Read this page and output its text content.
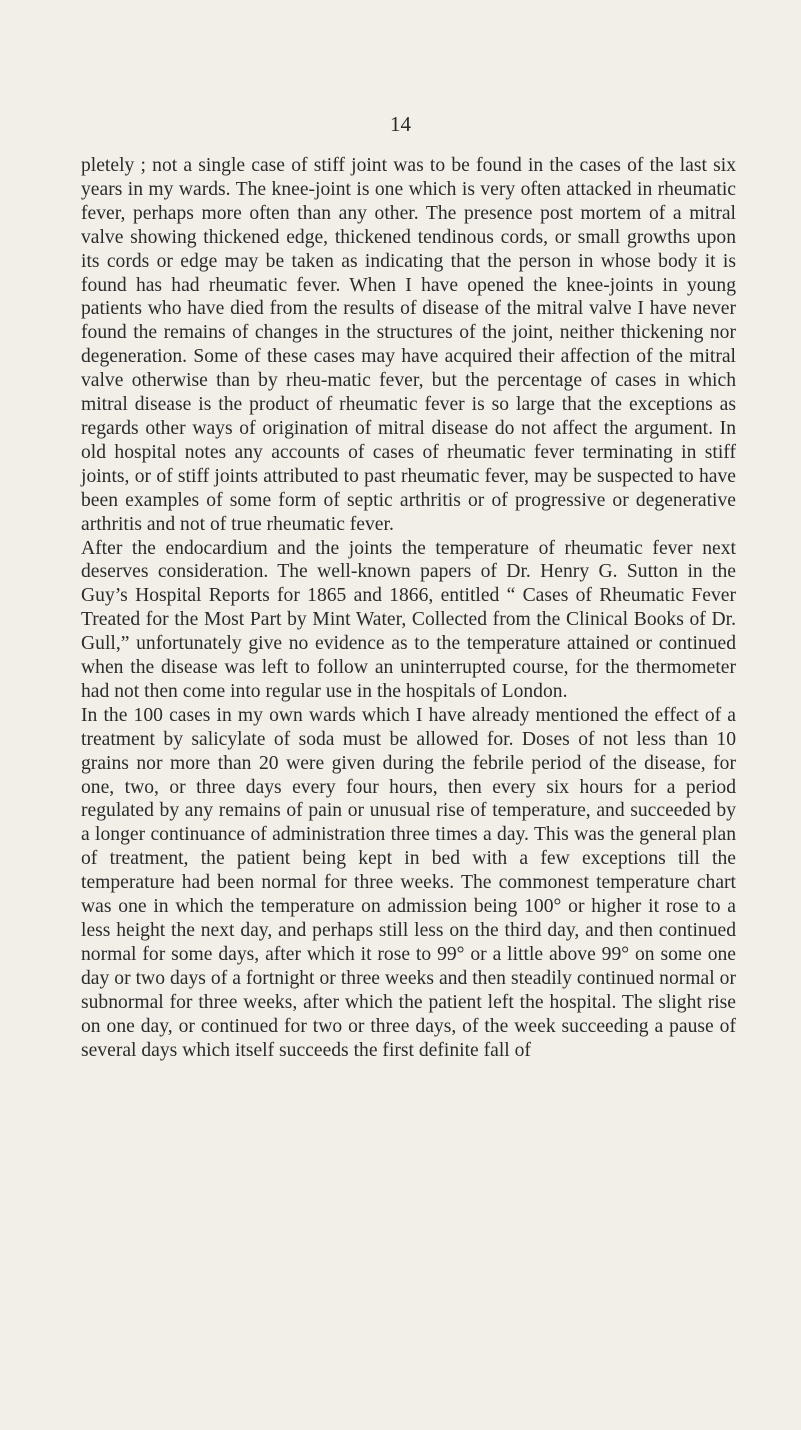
14

pletely ; not a single case of stiff joint was to be found in the cases of the last six years in my wards. The knee-joint is one which is very often attacked in rheumatic fever, perhaps more often than any other. The presence post mortem of a mitral valve showing thickened edge, thickened tendinous cords, or small growths upon its cords or edge may be taken as indicating that the person in whose body it is found has had rheumatic fever. When I have opened the knee-joints in young patients who have died from the results of disease of the mitral valve I have never found the remains of changes in the structures of the joint, neither thickening nor degeneration. Some of these cases may have acquired their affection of the mitral valve otherwise than by rheu-matic fever, but the percentage of cases in which mitral disease is the product of rheumatic fever is so large that the exceptions as regards other ways of origination of mitral disease do not affect the argument. In old hospital notes any accounts of cases of rheumatic fever terminating in stiff joints, or of stiff joints attributed to past rheumatic fever, may be suspected to have been examples of some form of septic arthritis or of progressive or degenerative arthritis and not of true rheumatic fever.

After the endocardium and the joints the temperature of rheumatic fever next deserves consideration. The well-known papers of Dr. Henry G. Sutton in the Guy’s Hospital Reports for 1865 and 1866, entitled “ Cases of Rheumatic Fever Treated for the Most Part by Mint Water, Collected from the Clinical Books of Dr. Gull,” unfortunately give no evidence as to the temperature attained or continued when the disease was left to follow an uninterrupted course, for the thermometer had not then come into regular use in the hospitals of London.

In the 100 cases in my own wards which I have already mentioned the effect of a treatment by salicylate of soda must be allowed for. Doses of not less than 10 grains nor more than 20 were given during the febrile period of the disease, for one, two, or three days every four hours, then every six hours for a period regulated by any remains of pain or unusual rise of temperature, and succeeded by a longer continuance of administration three times a day. This was the general plan of treatment, the patient being kept in bed with a few exceptions till the temperature had been normal for three weeks. The commonest temperature chart was one in which the temperature on admission being 100° or higher it rose to a less height the next day, and perhaps still less on the third day, and then continued normal for some days, after which it rose to 99° or a little above 99° on some one day or two days of a fortnight or three weeks and then steadily continued normal or subnormal for three weeks, after which the patient left the hospital. The slight rise on one day, or continued for two or three days, of the week succeeding a pause of several days which itself succeeds the first definite fall of
